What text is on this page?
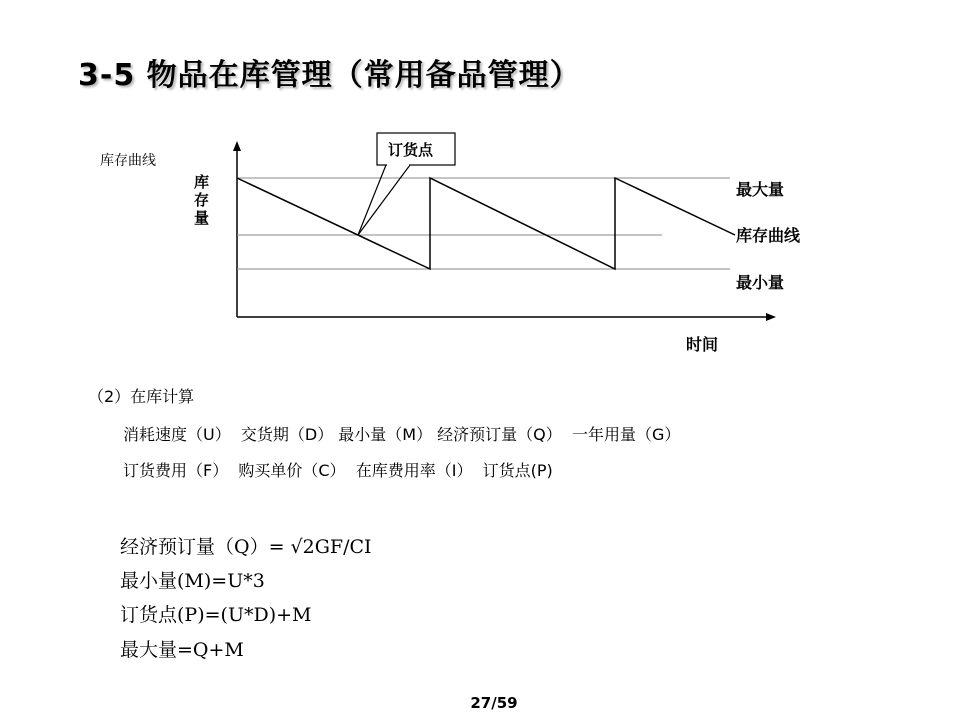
3-5 物品在库管理（常用备品管理）
库存曲线
订货点
库
存
量
最大量
库存曲线
最小量
时间
（2）在库计算
消耗速度（U）  交货期（D） 最小量（M） 经济预订量（Q）  一年用量（G）
订货费用（F）  购买单价（C）  在库费用率（I）  订货点(P)
经济预订量（Q）= √2GF/CI
最小量(M)=U*3
订货点(P)=(U*D)+M
最大量=Q+M
27/59
